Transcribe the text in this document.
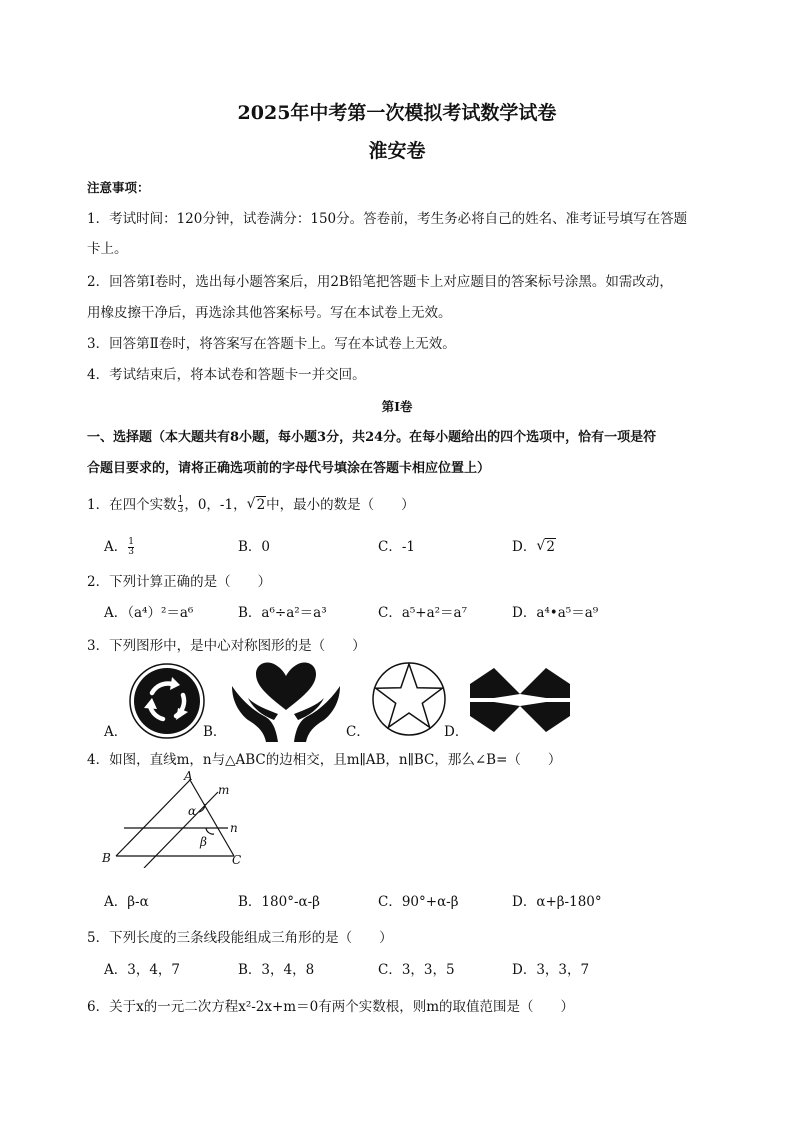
2025年中考第一次模拟考试数学试卷
淮安卷
注意事项：
1．考试时间：120分钟，试卷满分：150分。答卷前，考生务必将自己的姓名、准考证号填写在答题
卡上。
2．回答第Ⅰ卷时，选出每小题答案后，用2B铅笔把答题卡上对应题目的答案标号涂黑。如需改动，
用橡皮擦干净后，再选涂其他答案标号。写在本试卷上无效。
3．回答第Ⅱ卷时，将答案写在答题卡上。写在本试卷上无效。
4．考试结束后，将本试卷和答题卡一并交回。
第Ⅰ卷
一、选择题（本大题共有8小题，每小题3分，共24分。在每小题给出的四个选项中，恰有一项是符
合题目要求的，请将正确选项前的字母代号填涂在答题卡相应位置上）
1．在四个实数 $\frac{1}{3}$ ，0，-1， √ 2中，最小的数是（　　）
A． $\frac{1}{3}$	B．0	C．-1	D． √ 2
2．下列计算正确的是（　　）
A．（a⁴）²＝a⁶	B．a⁶÷a²＝a³	C．a⁵+a²＝a⁷	D．a⁴•a⁵＝a⁹
3．下列图形中，是中心对称图形的是（　　）
A．	B．	C．	D．
4．如图，直线m，n与△ABC的边相交，且m∥AB，n∥BC，那么∠B=（　　）
A
B	C
m
n
α
β
A．β-α	B．180°-α-β	C．90°+α-β	D．α+β-180°
5．下列长度的三条线段能组成三角形的是（　　）
A．3，4，7	B．3，4，8	C．3，3，5	D．3，3，7
6．关于x的一元二次方程x²-2x+m＝0有两个实数根，则m的取值范围是（　　）
